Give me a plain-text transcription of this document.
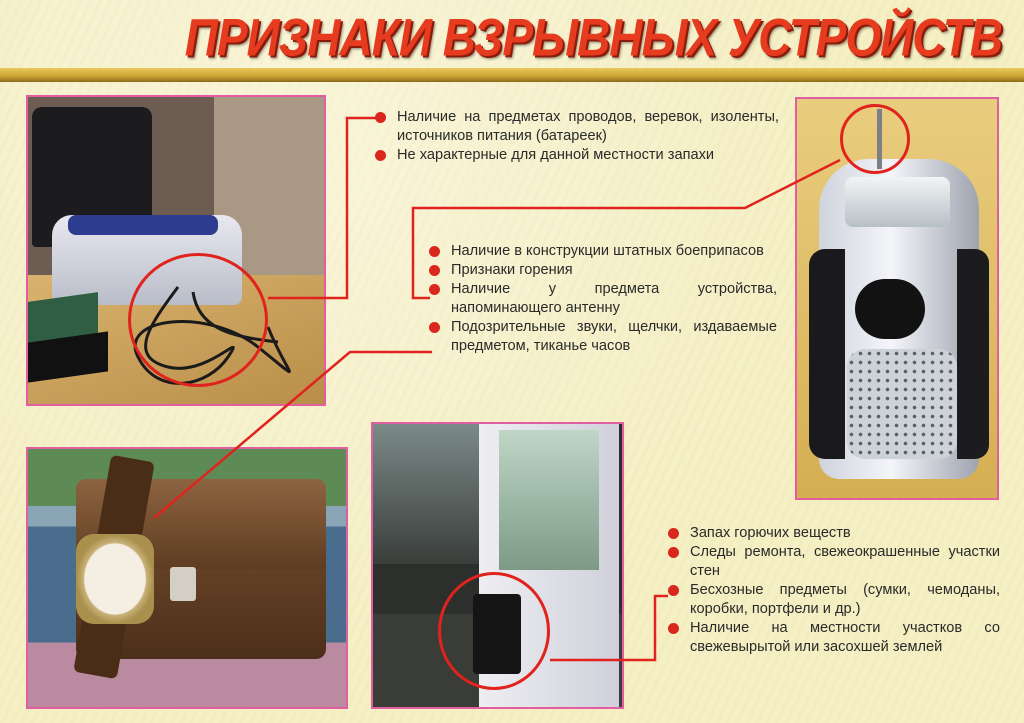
ПРИЗНАКИ ВЗРЫВНЫХ УСТРОЙСТВ
Наличие на предметах проводов, веревок, изоленты, источников питания (батареек)
Не характерные для данной местности запахи
Наличие в конструкции штатных боеприпасов
Признаки горения
Наличие у предмета устройства, напоминающего антенну
Подозрительные звуки, щелчки, издаваемые предметом, тиканье часов
Запах горючих веществ
Следы ремонта, свежеокрашенные участки стен
Бесхозные предметы (сумки, чемоданы, коробки, портфели и др.)
Наличие на местности участков со свежевырытой или засохшей землей
